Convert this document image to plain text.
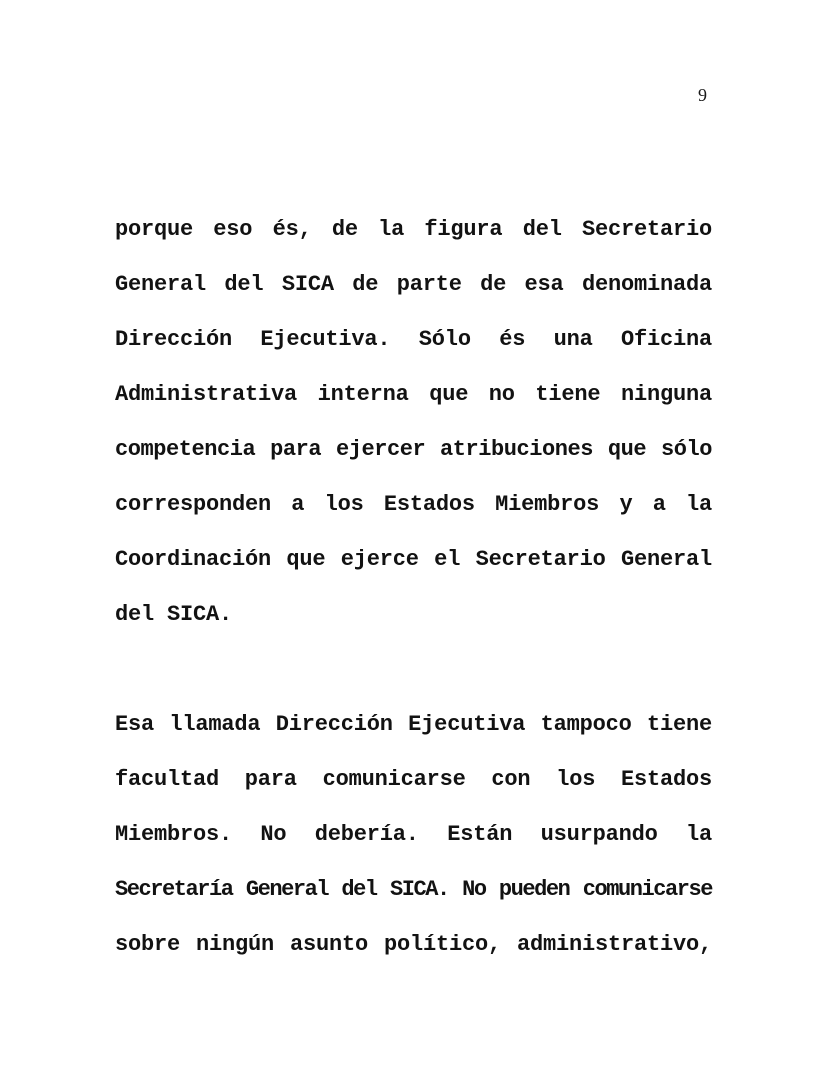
9
porque eso és, de la figura del Secretario
General del SICA de parte de esa denominada
Dirección Ejecutiva. Sólo és una Oficina
Administrativa interna que no tiene ninguna
competencia para ejercer atribuciones que sólo
corresponden a los Estados Miembros y a la
Coordinación que ejerce el Secretario General
del SICA.
Esa llamada Dirección Ejecutiva tampoco tiene
facultad para comunicarse con los Estados
Miembros. No debería. Están usurpando la
Secretaría General del SICA. No pueden comunicarse
sobre ningún asunto político, administrativo,
